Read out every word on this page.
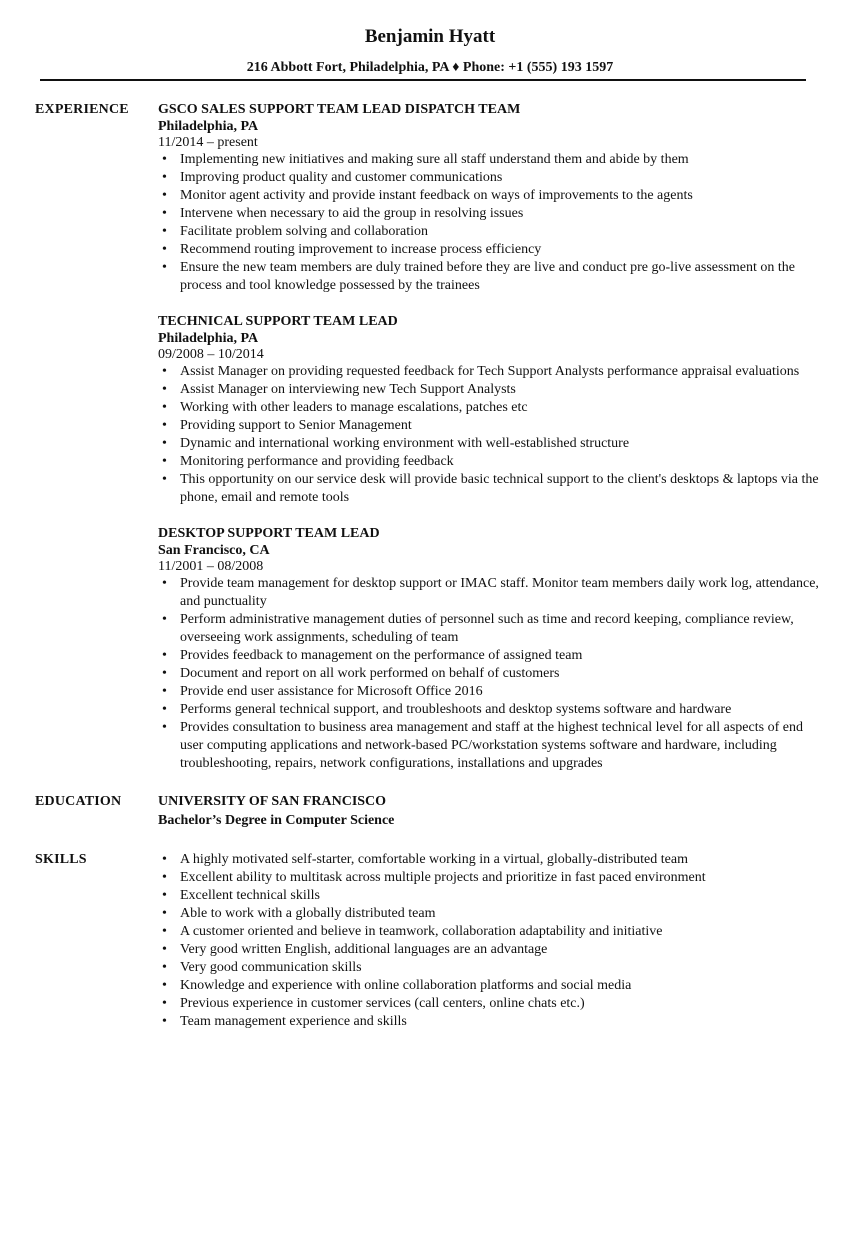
Benjamin Hyatt
216 Abbott Fort, Philadelphia, PA ♦ Phone: +1 (555) 193 1597
EXPERIENCE GSCO SALES SUPPORT TEAM LEAD DISPATCH TEAM
Philadelphia, PA
11/2014 – present
• Implementing new initiatives and making sure all staff understand them and abide by them
• Improving product quality and customer communications
• Monitor agent activity and provide instant feedback on ways of improvements to the agents
• Intervene when necessary to aid the group in resolving issues
• Facilitate problem solving and collaboration
• Recommend routing improvement to increase process efficiency
• Ensure the new team members are duly trained before they are live and conduct pre go-live assessment on the process and tool knowledge possessed by the trainees
TECHNICAL SUPPORT TEAM LEAD
Philadelphia, PA
09/2008 – 10/2014
• Assist Manager on providing requested feedback for Tech Support Analysts performance appraisal evaluations
• Assist Manager on interviewing new Tech Support Analysts
• Working with other leaders to manage escalations, patches etc
• Providing support to Senior Management
• Dynamic and international working environment with well-established structure
• Monitoring performance and providing feedback
• This opportunity on our service desk will provide basic technical support to the client's desktops & laptops via the phone, email and remote tools
DESKTOP SUPPORT TEAM LEAD
San Francisco, CA
11/2001 – 08/2008
• Provide team management for desktop support or IMAC staff. Monitor team members daily work log, attendance, and punctuality
• Perform administrative management duties of personnel such as time and record keeping, compliance review, overseeing work assignments, scheduling of team
• Provides feedback to management on the performance of assigned team
• Document and report on all work performed on behalf of customers
• Provide end user assistance for Microsoft Office 2016
• Performs general technical support, and troubleshoots and desktop systems software and hardware
• Provides consultation to business area management and staff at the highest technical level for all aspects of end user computing applications and network-based PC/workstation systems software and hardware, including troubleshooting, repairs, network configurations, installations and upgrades
EDUCATION	UNIVERSITY OF SAN FRANCISCO
Bachelor’s Degree in Computer Science
SKILLS
•	A highly motivated self-starter, comfortable working in a virtual, globally-distributed team
• Excellent ability to multitask across multiple projects and prioritize in fast paced environment
• Excellent technical skills
• Able to work with a globally distributed team
• A customer oriented and believe in teamwork, collaboration adaptability and initiative
• Very good written English, additional languages are an advantage
• Very good communication skills
• Knowledge and experience with online collaboration platforms and social media
• Previous experience in customer services (call centers, online chats etc.)
• Team management experience and skills
